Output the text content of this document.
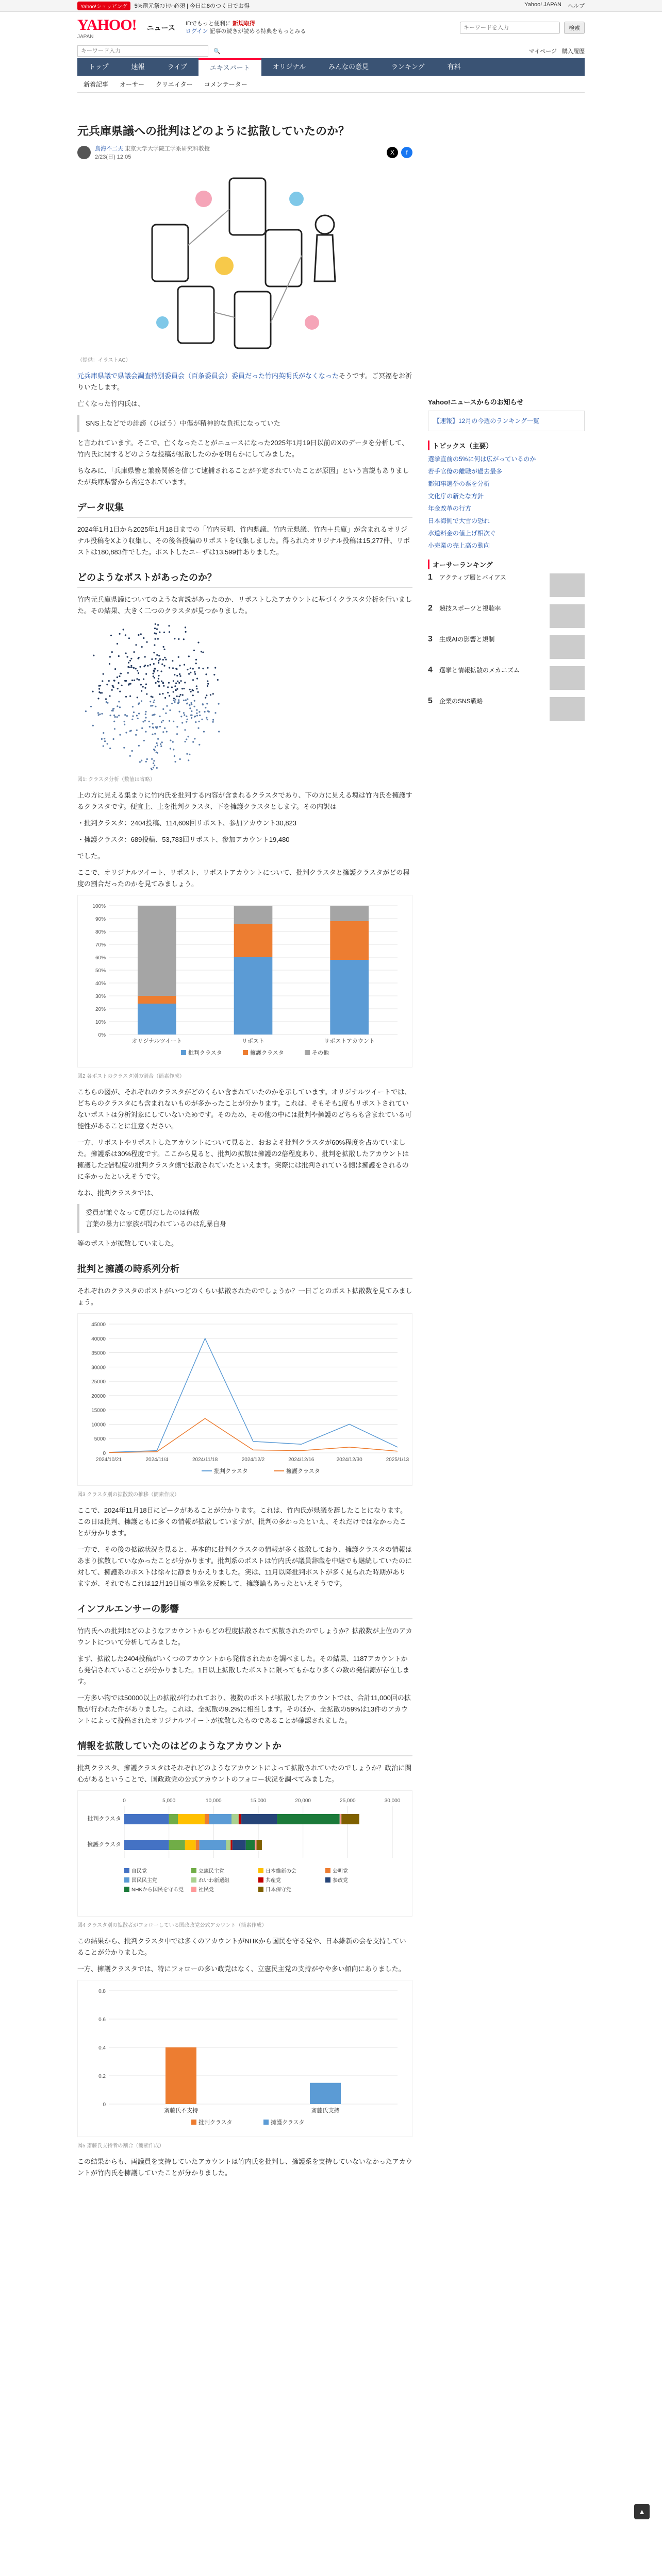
Yahoo!ショッピング	5%還元祭ｴﾝﾄﾘｰ必須 | 今日は8のつく日でお得	Yahoo! JAPAN ヘルプ
YAHOO!
JAPAN
ニュース IDでもっと便利に 新規取得
ログイン 記事の続きが読める特典をもっとみる
キーワードを入力	検索
キーワード入力
🔍	マイページ 購入履歴
トップ	速報	ライブ	エキスパート	オリジナル	みんなの意見	ランキング	有料
新着記事 オーサー クリエイター コメンテーター
元兵庫県議への批判はどのように拡散していたのか？
鳥海不二夫 東京大学大学院工学系研究科教授
2/23(日) 12:05
X	f
（提供：イラストAC）

元兵庫県議で県議会調査特別委員会（百条委員会）委員だった竹内英明氏がなくなったそうです。ご冥福をお祈りいたします。

亡くなった竹内氏は、

SNS上などでの誹謗（ひぼう）中傷が精神的な負担になっていた

と言われています。そこで、亡くなったことがニュースになった2025年1月19日以前のXのデータを分析して、竹内氏に関するどのような投稿が拡散したのかを明らかにしてみました。

ちなみに、「兵庫県警と兼務関係を信じて逮捕されることが予定されていたことが原因」という言説もありましたが兵庫県警から否定されています。

データ収集

2024年1月1日から2025年1月18日までの「竹内英明、竹内県議、竹内元県議、竹内＋兵庫」が含まれるオリジナル投稿をXより収集し、その後各投稿のリポストを収集しました。得られたオリジナル投稿は15,277件、リポストは180,883件でした。ポストしたユーザは13,599件ありました。

どのようなポストがあったのか？

竹内元兵庫県議についてのような言説があったのか、リポストしたアカウントに基づくクラスタ分析を行いました。その結果、大きく二つのクラスタが見つかりました。

図1: クラスタ分析（数値は省略）

上の方に見える集まりに竹内氏を批判する内容が含まれるクラスタであり、下の方に見える塊は竹内氏を擁護するクラスタです。便宜上、上を批判クラスタ、下を擁護クラスタとします。その内訳は

・批判クラスタ：2404投稿、114,609回リポスト、参加アカウント30,823
・擁護クラスタ：689投稿、53,783回リポスト、参加アカウント19,480

でした。

ここで、オリジナルツイート、リポスト、リポストアカウントについて、批判クラスタと擁護クラスタがどの程度の割合だったのかを見てみましょう。

0%
10%
20%
30%
40%
50%
60%
70%
80%
90%
100%
オリジナルツイート	リポスト	リポストアカウント
批判クラスタ	擁護クラスタ	その他
図2 各ポストのクラスタ別の割合（簡素作成）

こちらの図が、それぞれのクラスタがどのくらい含まれていたのかを示しています。オリジナルツイートでは、どちらのクラスタにも含まれないものが多かったことが分かります。これは、そもそも1度もリポストされていないポストは分析対象にしていないためです。そのため、その他の中には批判や擁護のどちらも含まれている可能性があることに注意ください。

一方、リポストやリポストしたアカウントについて見ると、おおよそ批判クラスタが60%程度を占めていました。擁護系は30%程度です。ここから見ると、批判の拡散は擁護の2倍程度あり、批判を拡散したアカウントは擁護した2倍程度の批判クラスタ側で拡散されていたといえます。実際には批判されている側は擁護をされるのに多かったといえそうです。

なお、批判クラスタでは、

委員が兼ぐなって選びだしたのは何故
言葉の暴力に家族が問われているのは乱暴自身

等のポストが拡散していました。

批判と擁護の時系列分析

それぞれのクラスタのポストがいつどのくらい拡散されたのでしょうか？一日ごとのポスト拡散数を見てみましょう。

0
5000
10000
15000
20000
25000
30000
35000
40000
45000
2024/10/21	2024/11/4	2024/11/18	2024/12/2	2024/12/16	2024/12/30	2025/1/13
批判クラスタ	擁護クラスタ
図3 クラスタ別の拡散数の推移（簡素作成）

ここで、2024年11月18日にピークがあることが分かります。これは、竹内氏が県議を辞したことになります。この日は批判、擁護ともに多くの情報が拡散していますが、批判の多かったといえ、それだけではなかったことが分かります。

一方で、その後の拡散状況を見ると、基本的に批判クラスタの情報が多く拡散しており、擁護クラスタの情報はあまり拡散していなかったことが分かります。批判系のポストは竹内氏が議員辞職を中継でも継続していたのに対して、擁護系のポストは徐々に静まりかえりました。実は、11月以降批判ポストが多く見られた時期がありますが、それでもこれは12月19日頃の事象を反映して、擁護論もあったといえそうです。

インフルエンサーの影響

竹内氏への批判はどのようなアカウントからどの程度拡散されて拡散されたのでしょうか？拡散数が上位のアカウントについて分析してみました。

まず、拡散した2404投稿がいくつのアカウントから発信されたかを調べました。その結果、1187アカウントから発信されていることが分かりました。1日以上拡散したポストに限ってもかなり多くの数の発信源が存在します。

一方多い物では50000以上の拡散が行われており、複数のポストが拡散したアカウントでは、合計11,000回の拡散が行われた件がありました。これは、全拡散の9.2%に相当します。そのほか、全拡散の59%は13件のアカウントによって投稿されたオリジナルツイートが拡散したものであることが確認されました。

情報を拡散していたのはどのようなアカウントか

批判クラスタ、擁護クラスタはそれぞれどのようなアカウントによって拡散されていたのでしょうか？政治に関心があるということで、国政政党の公式アカウントのフォロー状況を調べてみました。

0	5,000	10,000	15,000	20,000	25,000	30,000
批判クラスタ
擁護クラスタ
自民党	立憲民主党	日本維新の会	公明党
国民民主党	れいわ新選組	共産党	参政党
NHKから国民を守る党	社民党	日本保守党
図4 クラスタ別の拡散者がフォローしている国政政党公式アカウント（簡素作成）

この結果から、批判クラスタ中では多くのアカウントがNHKから国民を守る党や、日本維新の会を支持していることが分かりました。

一方、擁護クラスタでは、特にフォローの多い政党はなく、立憲民主党の支持がやや多い傾向にありました。

0
0.2
0.4
0.6
0.8
斎藤氏不支持	斎藤氏支持
批判クラスタ	擁護クラスタ
図5 斎藤氏支持者の割合（簡素作成）

この結果からも、両議員を支持していたアカウントは竹内氏を批判し、擁護系を支持していないなかったアカウントが竹内氏を擁護していたことが分かりました。

Yahoo!ニュースからのお知らせ
【速報】12月の今週のランキング一覧
トピックス（主要）
選挙直前の5%に何は広がっているのか
若手官僚の離職が過去最多
都知事選挙の票を分析
文化庁の新たな方針
年金改革の行方
日本海側で大雪の恐れ
水道料金の値上げ相次ぐ
小売業の売上高の動向
オーサーランキング
1	アクティブ層とバイアス
2	競技スポーツと視聴率
3	生成AIの影響と規制
4	選挙と情報拡散のメカニズム
5	企業のSNS戦略
▲
